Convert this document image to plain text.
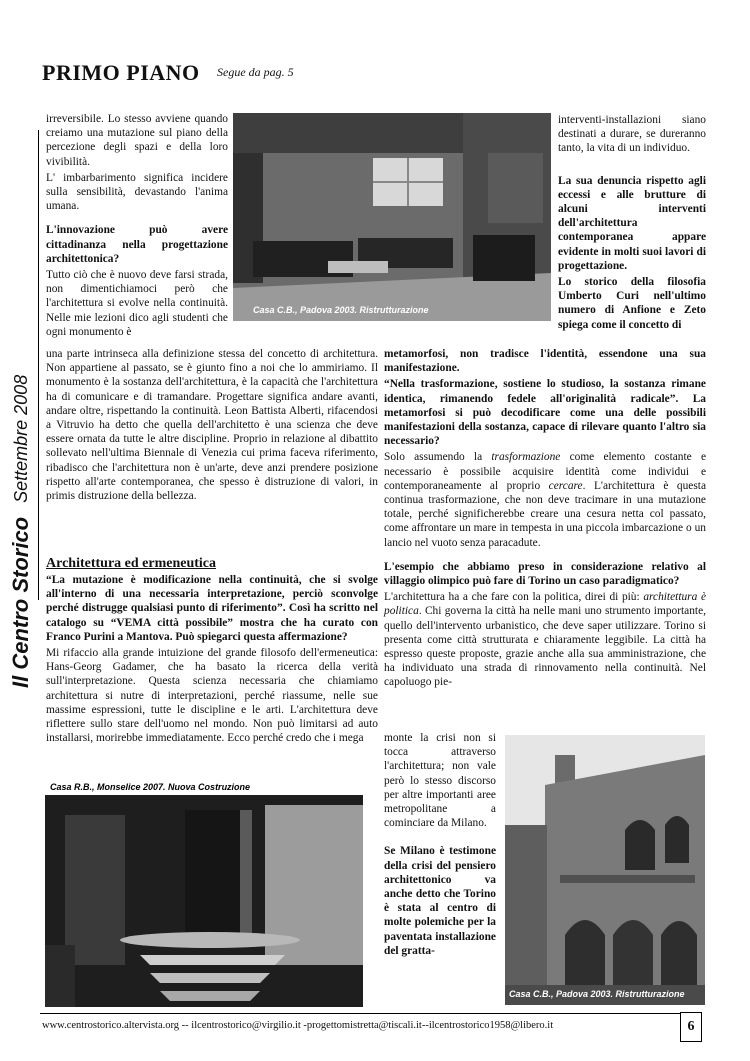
PRIMO PIANO Segue da pag. 5
Il Centro Storico
Settembre 2008
Casa C.B., Padova 2003. Ristrutturazione

irreversibile. Lo stesso avviene quando creiamo una mutazione sul piano della percezione degli spazi e della loro vivibilità.

L' imbarbarimento significa incidere sulla sensibilità, devastando l'anima umana.

L'innovazione può avere cittadinanza nella progettazione architettonica?

Tutto ciò che è nuovo deve farsi strada, non dimentichiamoci però che l'architettura si evolve nella continuità. Nelle mie lezioni dico agli studenti che ogni monumento è

una parte intrinseca alla definizione stessa del concetto di architettura. Non appartiene al passato, se è giunto fino a noi che lo ammiriamo. Il monumento è la sostanza dell'architettura, è la capacità che l'architettura ha di comunicare e di tramandare. Progettare significa andare avanti, andare oltre, rispettando la continuità. Leon Battista Alberti, rifacendosi a Vitruvio ha detto che quella dell'architetto è una scienza che deve essere ornata da tutte le altre discipline. Proprio in relazione al dibattito sollevato nell'ultima Biennale di Venezia cui prima faceva riferimento, ribadisco che l'architettura non è un'arte, deve anzi prendere posizione rispetto all'arte contemporanea, che spesso è distruzione di valori, in primis distruzione della bellezza.

Architettura ed ermeneutica

“La mutazione è modificazione nella continuità, che si svolge all'interno di una necessaria interpretazione, perciò sconvolge perché distrugge qualsiasi punto di riferimento”. Così ha scritto nel catalogo su “VEMA città possibile” mostra che ha curato con Franco Purini a Mantova. Può spiegarci questa affermazione?

Mi rifaccio alla grande intuizione del grande filosofo dell'ermeneutica: Hans-Georg Gadamer, che ha basato la ricerca della verità sull'interpretazione. Questa scienza necessaria che chiamiamo architettura si nutre di interpretazioni, perché riassume, nelle sue massime espressioni, tutte le discipline e le arti. L'architettura deve riflettere sullo stare dell'uomo nel mondo. Non può limitarsi ad auto installarsi, morirebbe immediatamente. Ecco perché credo che i mega

Casa R.B., Monselice 2007. Nuova Costruzione

interventi-installazioni siano destinati a durare, se dureranno tanto, la vita di un individuo.

La sua denuncia rispetto agli eccessi e alle brutture di alcuni interventi dell'architettura contemporanea appare evidente in molti suoi lavori di progettazione.

Lo storico della filosofia Umberto Curi nell'ultimo numero di Anfione e Zeto spiega come il concetto di

metamorfosi, non tradisce l'identità, essendone una sua manifestazione.

“Nella trasformazione, sostiene lo studioso, la sostanza rimane identica, rimanendo fedele all'originalità radicale”. La metamorfosi si può decodificare come una delle possibili manifestazioni della sostanza, capace di rilevare quanto l'altro sia necessario?

Solo assumendo la trasformazione come elemento costante e necessario è possibile acquisire identità come individui e contemporaneamente al proprio cercare. L'architettura è questa continua trasformazione, che non deve tracimare in una mutazione totale, perché significherebbe creare una cesura netta col passato, come affrontare un mare in tempesta in una piccola imbarcazione o un lancio nel vuoto senza paracadute.

L'esempio che abbiamo preso in considerazione relativo al villaggio olimpico può fare di Torino un caso paradigmatico?

L'architettura ha a che fare con la politica, direi di più: architettura è politica. Chi governa la città ha nelle mani uno strumento importante, quello dell'intervento urbanistico, che deve saper utilizzare. Torino si presenta come città strutturata e chiaramente leggibile. La città ha espresso queste proposte, grazie anche alla sua amministrazione, che ha individuato una strada di rinnovamento nella continuità. Nel capoluogo pie-

monte la crisi non si tocca attraverso l'architettura; non vale però lo stesso discorso per altre importanti aree metropolitane a cominciare da Milano.

Se Milano è testimone della crisi del pensiero architettonico va anche detto che Torino è stata al centro di molte polemiche per la paventata installazione del gratta-

Casa C.B., Padova 2003. Ristrutturazione
www.centrostorico.altervista.org -- ilcentrostorico@virgilio.it -progettomistretta@tiscali.it--ilcentrostorico1958@libero.it	6
